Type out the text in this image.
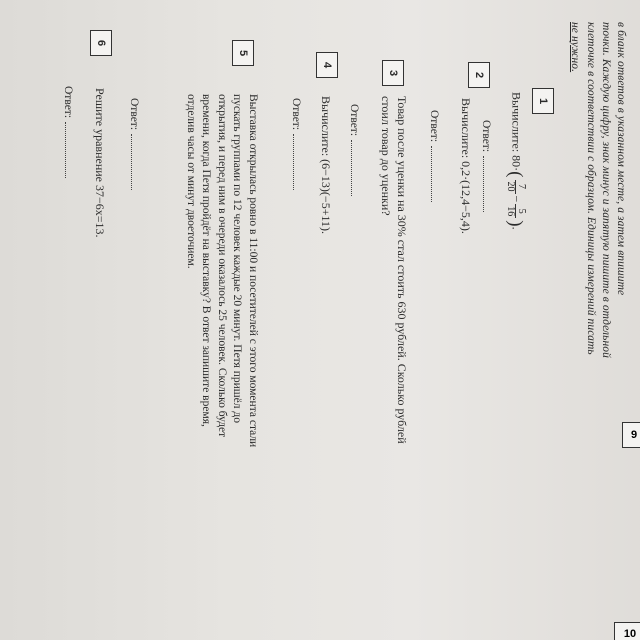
в бланк ответов в указанном месте, а затем впишите
точки. Каждую цифру, знак минус и запятую пишите в отдельной
клеточке в соответствии с образцом. Единицы измерений писать
не нужно.
1
Вычислите: 80·(
7
20
−
5
16
).
Ответ:
2
Вычислите: 0,2·(12,4−5,4).
Ответ:
3
Товар после уценки на 30% стал стоить 630 рублей. Сколько рублей стоил товар до уценки?
Ответ:
4
Вычислите: (6−13)(−5+11).
Ответ:
5
Выставка открылась ровно в 11:00 и посетителей с этого момента стали пускать группами по 12 человек каждые 20 минут. Петя пришёл до открытия, и перед ним в очереди оказалось 25 человек. Сколько будет времени, когда Петя пройдёт на выставку? В ответ запишите время, отделив часы от минут двоеточием.
Ответ:
6
Решите уравнение 37−6x=13.
Ответ:
9
10
